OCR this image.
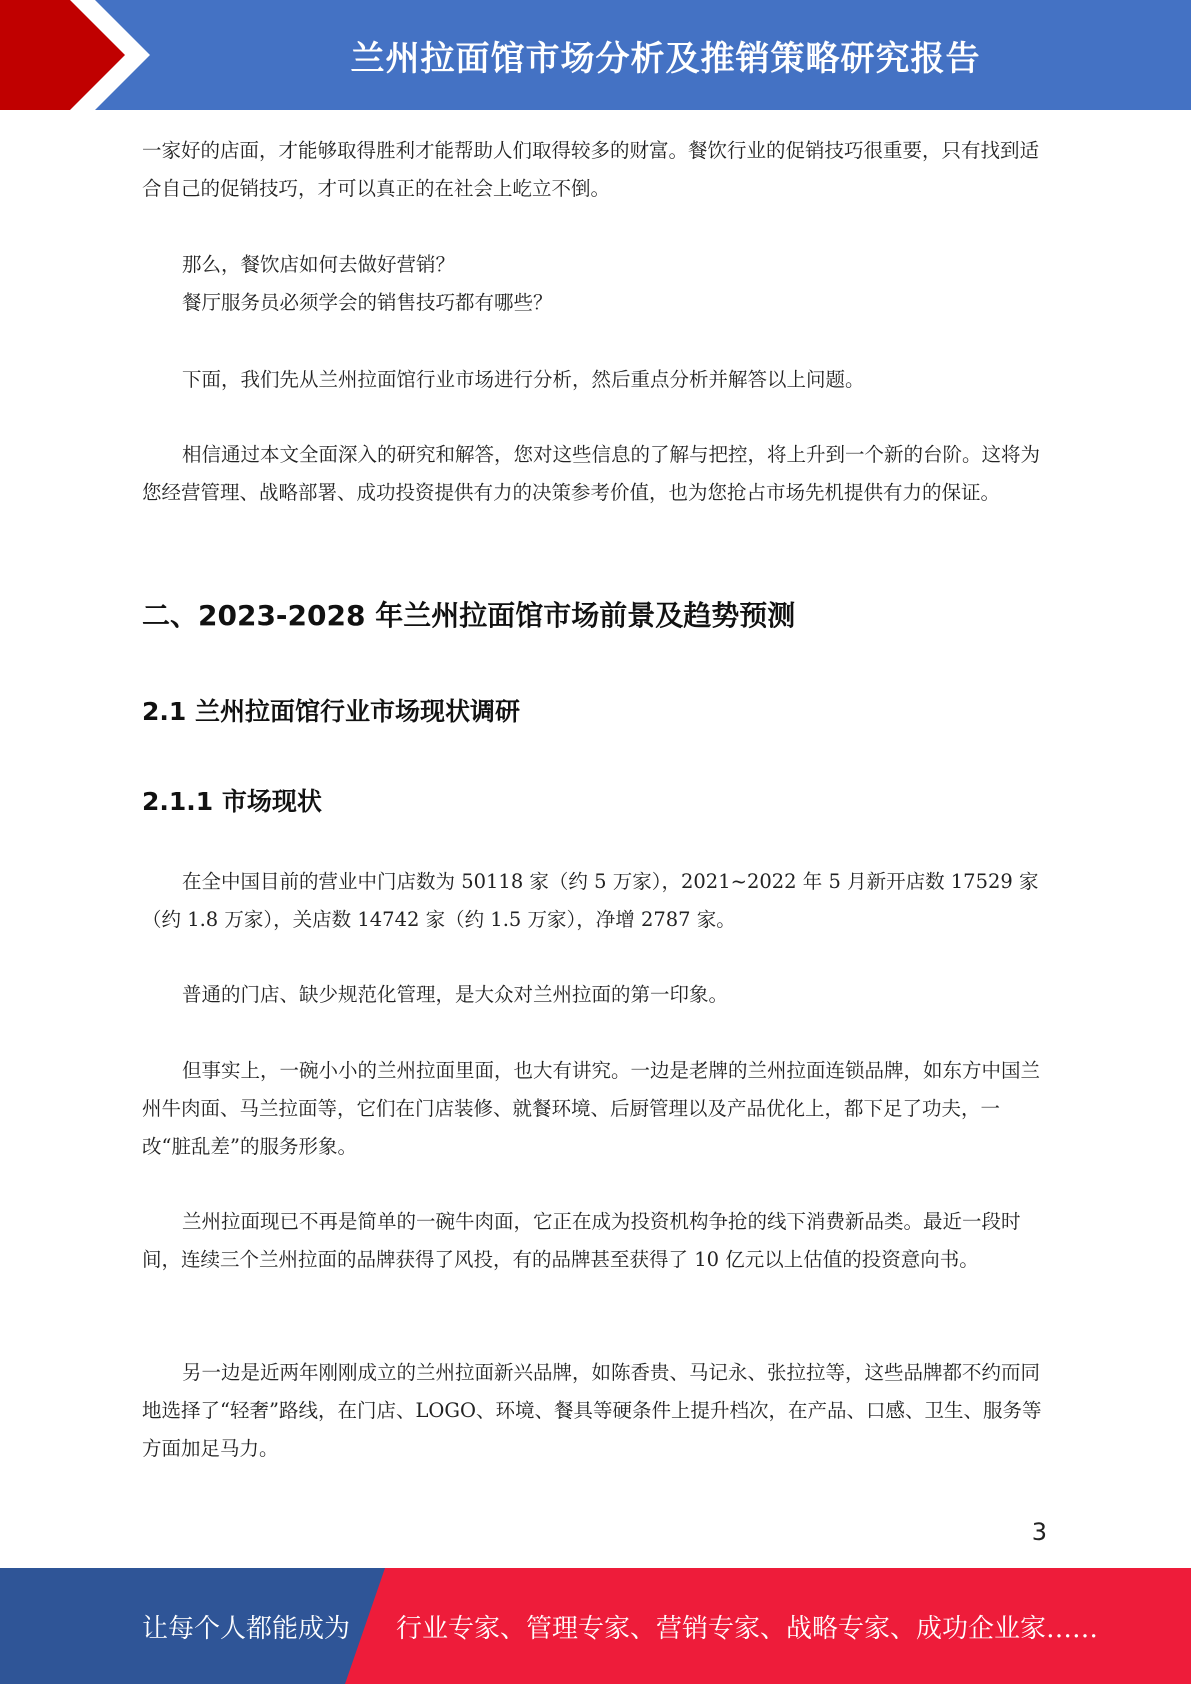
兰州拉面馆市场分析及推销策略研究报告

一家好的店面，才能够取得胜利才能帮助人们取得较多的财富。餐饮行业的促销技巧很重要，只有找到适合自己的促销技巧，才可以真正的在社会上屹立不倒。

那么，餐饮店如何去做好营销？

餐厅服务员必须学会的销售技巧都有哪些？

下面，我们先从兰州拉面馆行业市场进行分析，然后重点分析并解答以上问题。

相信通过本文全面深入的研究和解答，您对这些信息的了解与把控，将上升到一个新的台阶。这将为您经营管理、战略部署、成功投资提供有力的决策参考价值，也为您抢占市场先机提供有力的保证。

二、2023-2028 年兰州拉面馆市场前景及趋势预测
2.1 兰州拉面馆行业市场现状调研
2.1.1 市场现状

在全中国目前的营业中门店数为 50118 家（约 5 万家），2021~2022 年 5 月新开店数 17529 家（约 1.8 万家），关店数 14742 家（约 1.5 万家），净增 2787 家。

普通的门店、缺少规范化管理，是大众对兰州拉面的第一印象。

但事实上，一碗小小的兰州拉面里面，也大有讲究。一边是老牌的兰州拉面连锁品牌，如东方中国兰州牛肉面、马兰拉面等，它们在门店装修、就餐环境、后厨管理以及产品优化上，都下足了功夫，一改“脏乱差”的服务形象。

兰州拉面现已不再是简单的一碗牛肉面，它正在成为投资机构争抢的线下消费新品类。最近一段时间，连续三个兰州拉面的品牌获得了风投，有的品牌甚至获得了 10 亿元以上估值的投资意向书。

另一边是近两年刚刚成立的兰州拉面新兴品牌，如陈香贵、马记永、张拉拉等，这些品牌都不约而同地选择了“轻奢”路线，在门店、LOGO、环境、餐具等硬条件上提升档次，在产品、口感、卫生、服务等方面加足马力。

3
让每个人都能成为 行业专家、管理专家、营销专家、战略专家、成功企业家……
